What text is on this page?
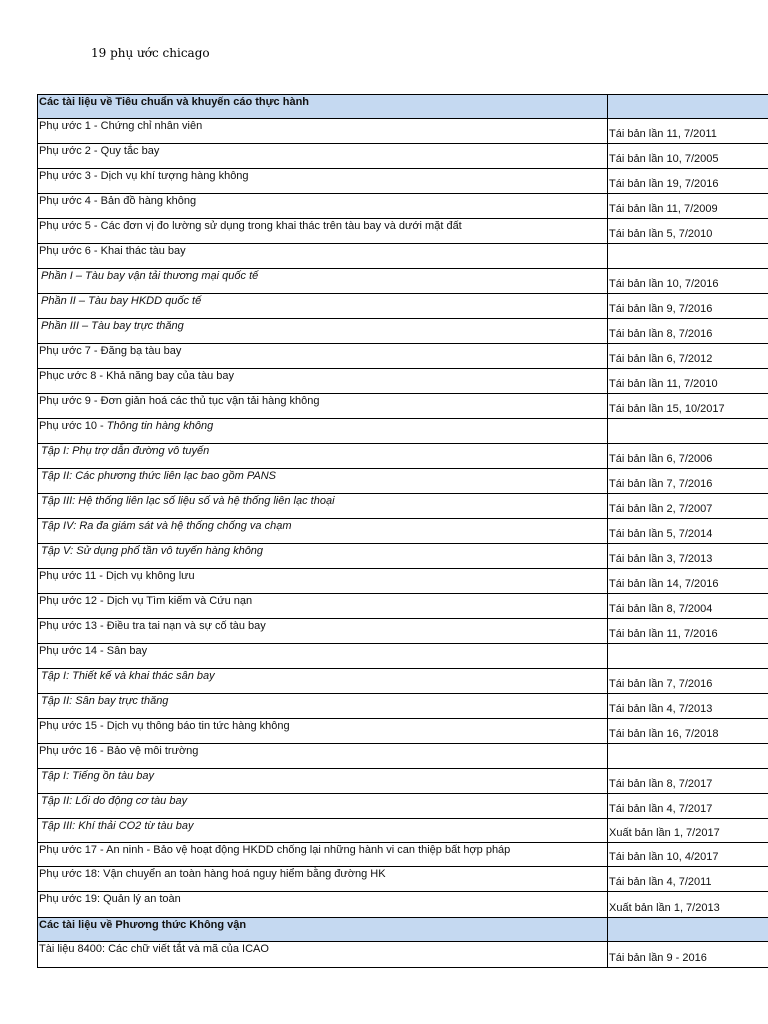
19 phụ ước chicago
Các tài liệu về Tiêu chuẩn và khuyến cáo thực hành	
Phụ ước 1 - Chứng chỉ nhân viên	Tái bản lần 11, 7/2011
Phụ ước 2 - Quy tắc bay	Tái bản lần 10, 7/2005
Phụ ước 3 - Dịch vụ khí tượng hàng không	Tái bản lần 19, 7/2016
Phụ ước 4 - Bản đồ hàng không	Tái bản lần 11, 7/2009
Phụ ước 5 - Các đơn vị đo lường sử dụng trong khai thác trên tàu bay và dưới mặt đất	Tái bản lần 5, 7/2010
Phụ ước 6 - Khai thác tàu bay	
Phần I – Tàu bay vận tải thương mại quốc tế	Tái bản lần 10, 7/2016
Phần II – Tàu bay HKDD quốc tế	Tái bản lần 9, 7/2016
Phần III – Tàu bay trực thăng	Tái bản lần 8, 7/2016
Phụ ước 7 - Đăng bạ tàu bay	Tái bản lần 6, 7/2012
Phục ước 8 - Khả năng bay của tàu bay	Tái bản lần 11, 7/2010
Phụ ước 9 - Đơn giản hoá các thủ tục vận tải hàng không	Tái bản lần 15, 10/2017
Phụ ước 10 - Thông tin hàng không	
Tập I: Phụ trợ dẫn đường vô tuyến	Tái bản lần 6, 7/2006
Tập II: Các phương thức liên lạc bao gồm PANS	Tái bản lần 7, 7/2016
Tập III: Hệ thống liên lạc số liệu số và hệ thống liên lạc thoại	Tái bản lần 2, 7/2007
Tập IV: Ra đa giám sát và hệ thống chống va chạm	Tái bản lần 5, 7/2014
Tập V: Sử dụng phổ tần vô tuyến hàng không	Tái bản lần 3, 7/2013
Phụ ước 11 - Dịch vụ không lưu	Tái bản lần 14, 7/2016
Phụ ước 12 - Dịch vụ Tìm kiếm và Cứu nạn	Tái bản lần 8, 7/2004
Phụ ước 13 - Điều tra tai nạn và sự cố tàu bay	Tái bản lần 11, 7/2016
Phụ ước 14 - Sân bay	
Tập I: Thiết kế và khai thác sân bay	Tái bản lần 7, 7/2016
Tập II: Sân bay trực thăng	Tái bản lần 4, 7/2013
Phụ ước 15 - Dịch vụ thông báo tin tức hàng không	Tái bản lần 16, 7/2018
Phụ ước 16 - Bảo vệ môi trường	
Tập I: Tiếng ồn tàu bay	Tái bản lần 8, 7/2017
Tập II: Lối do động cơ tàu bay	Tái bản lần 4, 7/2017
Tập III: Khí thải CO2 từ tàu bay	Xuất bản lần 1, 7/2017
Phụ ước 17 - An ninh - Bảo vệ hoạt động HKDD chống lại những hành vi can thiệp bất hợp pháp	Tái bản lần 10, 4/2017
Phụ ước 18: Vận chuyển an toàn hàng hoá nguy hiểm bằng đường HK	Tái bản lần 4, 7/2011
Phụ ước 19: Quản lý an toàn	Xuất bản lần 1, 7/2013
Các tài liệu về Phương thức Không vận	
Tài liệu 8400: Các chữ viết tắt và mã của ICAO	Tái bản lần 9 - 2016
